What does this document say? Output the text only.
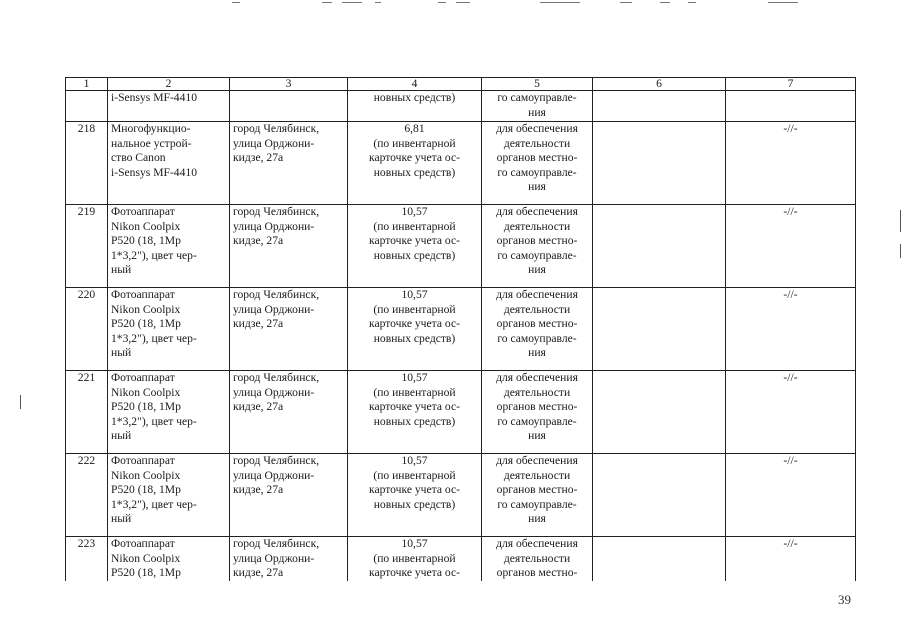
1	2	3	4	5	6	7

	i-Sensys MF-4410		новных средств)	го самоуправле-
ния		

218	Многофункцио-
нальное устрой-
ство Canon
i-Sensys MF-4410	город Челябинск,
улица Орджони-
кидзе, 27а	6,81
(по инвентарной
карточке учета ос-
новных средств)	для обеспечения
деятельности
органов местно-
го самоуправле-
ния		-//-
219	Фотоаппарат
Nikon Coolpix
P520 (18, 1Mp
1*3,2"), цвет чер-
ный	город Челябинск,
улица Орджони-
кидзе, 27а	10,57
(по инвентарной
карточке учета ос-
новных средств)	для обеспечения
деятельности
органов местно-
го самоуправле-
ния		-//-
220	Фотоаппарат
Nikon Coolpix
P520 (18, 1Mp
1*3,2"), цвет чер-
ный	город Челябинск,
улица Орджони-
кидзе, 27а	10,57
(по инвентарной
карточке учета ос-
новных средств)	для обеспечения
деятельности
органов местно-
го самоуправле-
ния		-//-
221	Фотоаппарат
Nikon Coolpix
P520 (18, 1Mp
1*3,2"), цвет чер-
ный	город Челябинск,
улица Орджони-
кидзе, 27а	10,57
(по инвентарной
карточке учета ос-
новных средств)	для обеспечения
деятельности
органов местно-
го самоуправле-
ния		-//-
222	Фотоаппарат
Nikon Coolpix
P520 (18, 1Mp
1*3,2"), цвет чер-
ный	город Челябинск,
улица Орджони-
кидзе, 27а	10,57
(по инвентарной
карточке учета ос-
новных средств)	для обеспечения
деятельности
органов местно-
го самоуправле-
ния		-//-
223	Фотоаппарат
Nikon Coolpix
P520 (18, 1Mp	город Челябинск,
улица Орджони-
кидзе, 27а	10,57
(по инвентарной
карточке учета ос-	для обеспечения
деятельности
органов местно-		-//-
39
